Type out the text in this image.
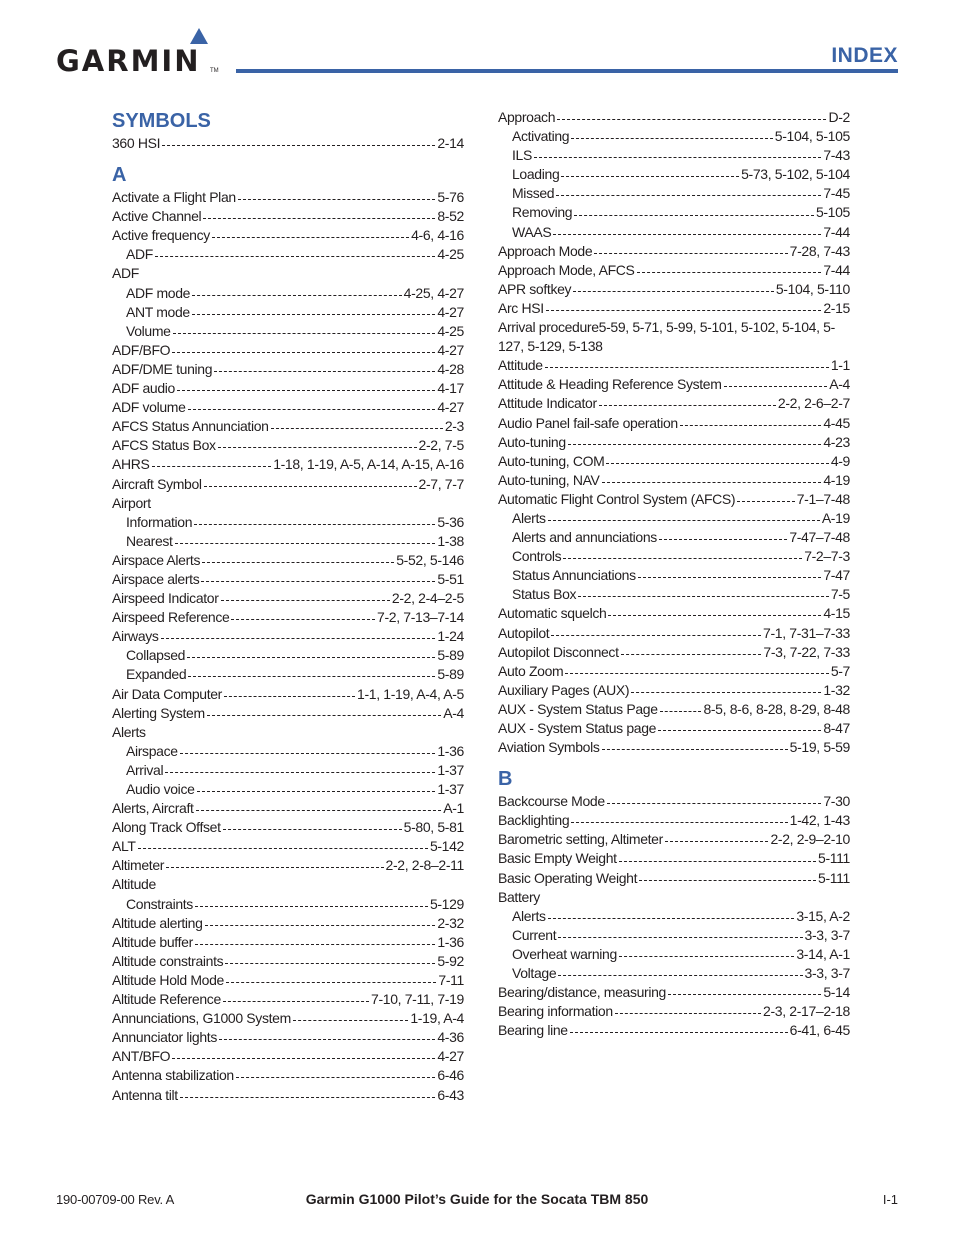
GARMIN TM
INDEX
SYMBOLS
360 HSI	2-14
A
Activate a Flight Plan	5-76
Active Channel	8-52
Active frequency	4-6, 4-16
ADF	4-25
ADF
ADF mode	4-25, 4-27
ANT mode	4-27
Volume	4-25
ADF/BFO	4-27
ADF/DME tuning	4-28
ADF audio	4-17
ADF volume	4-27
AFCS Status Annunciation	2-3
AFCS Status Box	2-2, 7-5
AHRS	1-18, 1-19, A-5, A-14, A-15, A-16
Aircraft Symbol	2-7, 7-7
Airport
Information	5-36
Nearest	1-38
Airspace Alerts	5-52, 5-146
Airspace alerts	5-51
Airspeed Indicator	2-2, 2-4–2-5
Airspeed Reference	7-2, 7-13–7-14
Airways	1-24
Collapsed	5-89
Expanded	5-89
Air Data Computer	1-1, 1-19, A-4, A-5
Alerting System	A-4
Alerts
Airspace	1-36
Arrival	1-37
Audio voice	1-37
Alerts, Aircraft	A-1
Along Track Offset	5-80, 5-81
ALT	5-142
Altimeter	2-2, 2-8–2-11
Altitude
Constraints	5-129
Altitude alerting	2-32
Altitude buffer	1-36
Altitude constraints	5-92
Altitude Hold Mode	7-11
Altitude Reference	7-10, 7-11, 7-19
Annunciations, G1000 System	1-19, A-4
Annunciator lights	4-36
ANT/BFO	4-27
Antenna stabilization	6-46
Antenna tilt	6-43
Approach	D-2
Activating	5-104, 5-105
ILS	7-43
Loading	5-73, 5-102, 5-104
Missed	7-45
Removing	5-105
WAAS	7-44
Approach Mode	7-28, 7-43
Approach Mode, AFCS	7-44
APR softkey	5-104, 5-110
Arc HSI	2-15
Arrival procedure5-59, 5-71, 5-99, 5-101, 5-102, 5-104, 5-
127, 5-129, 5-138
Attitude	1-1
Attitude & Heading Reference System	A-4
Attitude Indicator	2-2, 2-6–2-7
Audio Panel fail-safe operation	4-45
Auto-tuning	4-23
Auto-tuning, COM	4-9
Auto-tuning, NAV	4-19
Automatic Flight Control System (AFCS)	7-1–7-48
Alerts	A-19
Alerts and annunciations	7-47–7-48
Controls	7-2–7-3
Status Annunciations	7-47
Status Box	7-5
Automatic squelch	4-15
Autopilot	7-1, 7-31–7-33
Autopilot Disconnect	7-3, 7-22, 7-33
Auto Zoom	5-7
Auxiliary Pages (AUX)	1-32
AUX - System Status Page	8-5, 8-6, 8-28, 8-29, 8-48
AUX - System Status page	8-47
Aviation Symbols	5-19, 5-59
B
Backcourse Mode	7-30
Backlighting	1-42, 1-43
Barometric setting, Altimeter	2-2, 2-9–2-10
Basic Empty Weight	5-111
Basic Operating Weight	5-111
Battery
Alerts	3-15, A-2
Current	3-3, 3-7
Overheat warning	3-14, A-1
Voltage	3-3, 3-7
Bearing/distance, measuring	5-14
Bearing information	2-3, 2-17–2-18
Bearing line	6-41, 6-45
190-00709-00 Rev. A	Garmin G1000 Pilot’s Guide for the Socata TBM 850	I-1
